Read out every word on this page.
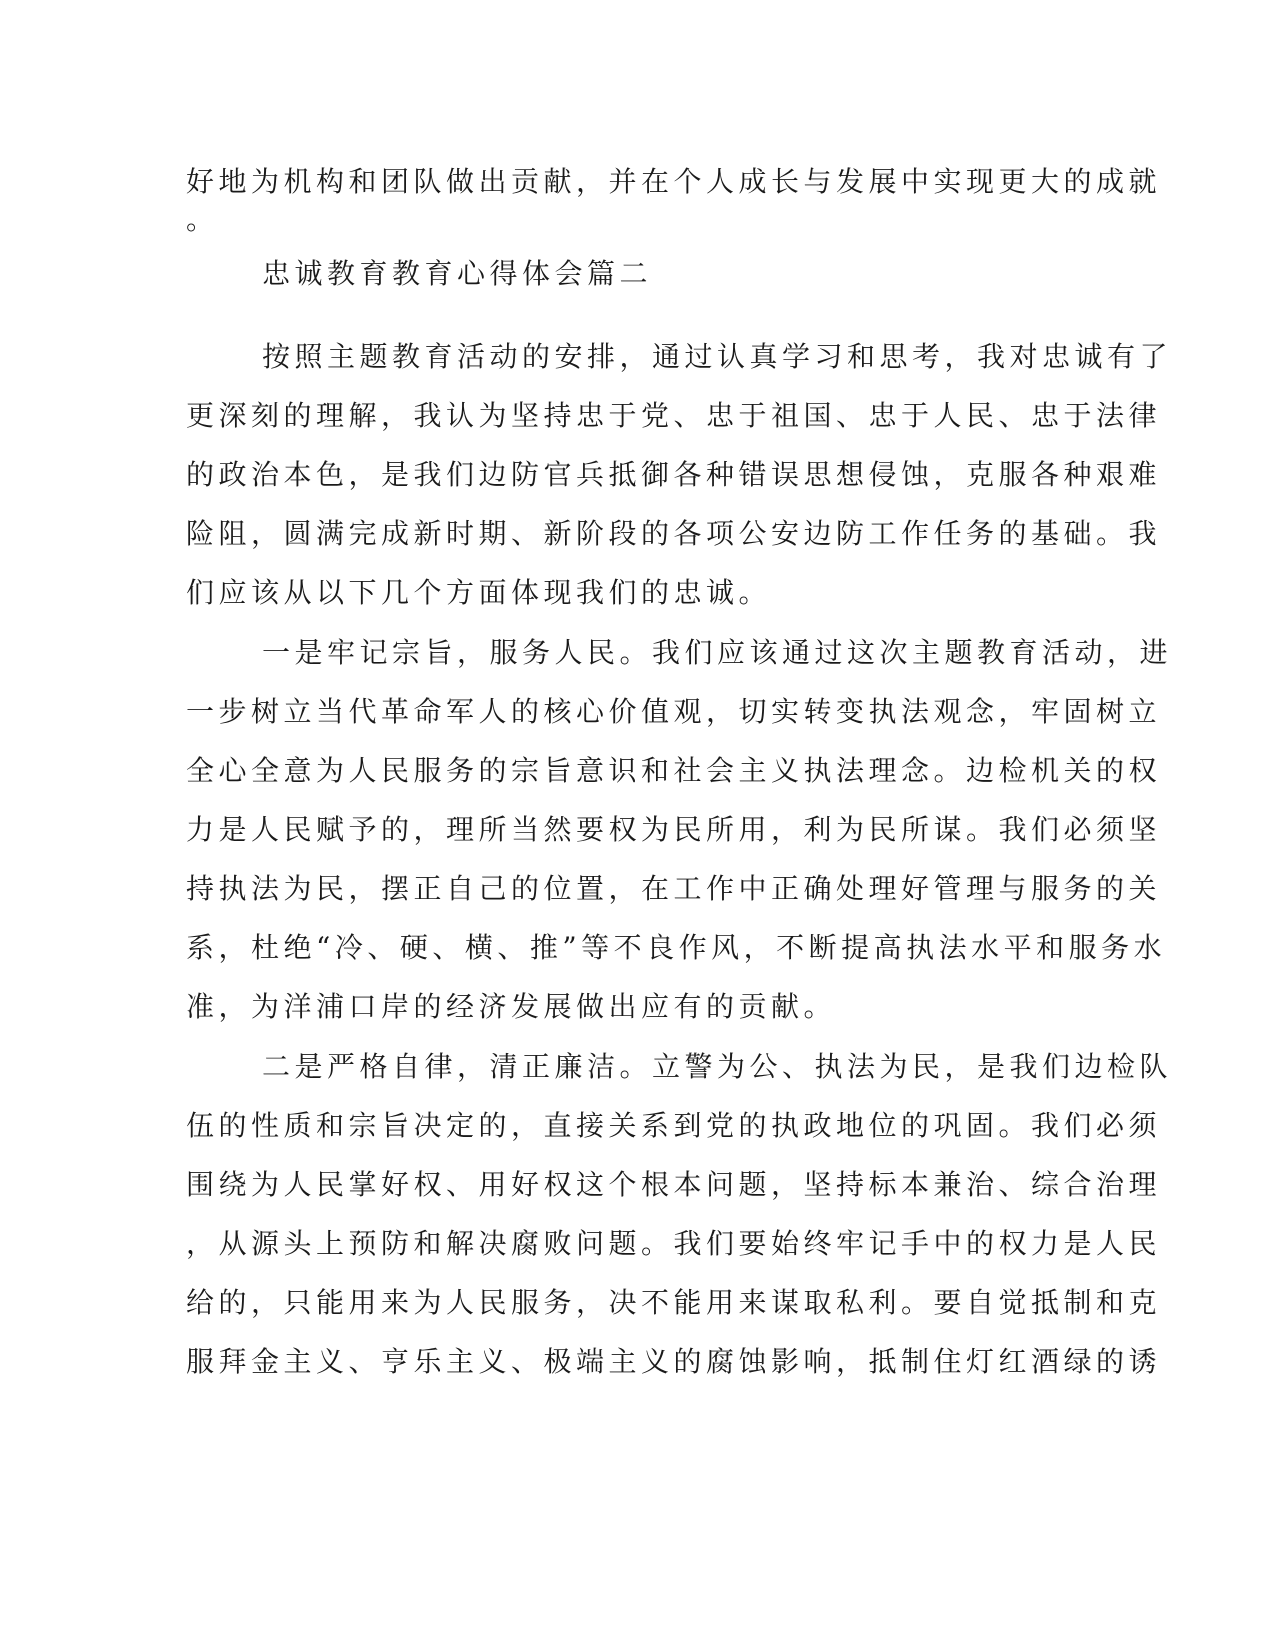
好地为机构和团队做出贡献，并在个人成长与发展中实现更大的成就
。
忠诚教育教育心得体会篇二
按照主题教育活动的安排，通过认真学习和思考，我对忠诚有了
更深刻的理解，我认为坚持忠于党、忠于祖国、忠于人民、忠于法律
的政治本色，是我们边防官兵抵御各种错误思想侵蚀，克服各种艰难
险阻，圆满完成新时期、新阶段的各项公安边防工作任务的基础。我
们应该从以下几个方面体现我们的忠诚。
一是牢记宗旨，服务人民。我们应该通过这次主题教育活动，进
一步树立当代革命军人的核心价值观，切实转变执法观念，牢固树立
全心全意为人民服务的宗旨意识和社会主义执法理念。边检机关的权
力是人民赋予的，理所当然要权为民所用，利为民所谋。我们必须坚
持执法为民，摆正自己的位置，在工作中正确处理好管理与服务的关
系，杜绝“冷、硬、横、推”等不良作风，不断提高执法水平和服务水
准，为洋浦口岸的经济发展做出应有的贡献。
二是严格自律，清正廉洁。立警为公、执法为民，是我们边检队
伍的性质和宗旨决定的，直接关系到党的执政地位的巩固。我们必须
围绕为人民掌好权、用好权这个根本问题，坚持标本兼治、综合治理
，从源头上预防和解决腐败问题。我们要始终牢记手中的权力是人民
给的，只能用来为人民服务，决不能用来谋取私利。要自觉抵制和克
服拜金主义、亨乐主义、极端主义的腐蚀影响，抵制住灯红酒绿的诱
